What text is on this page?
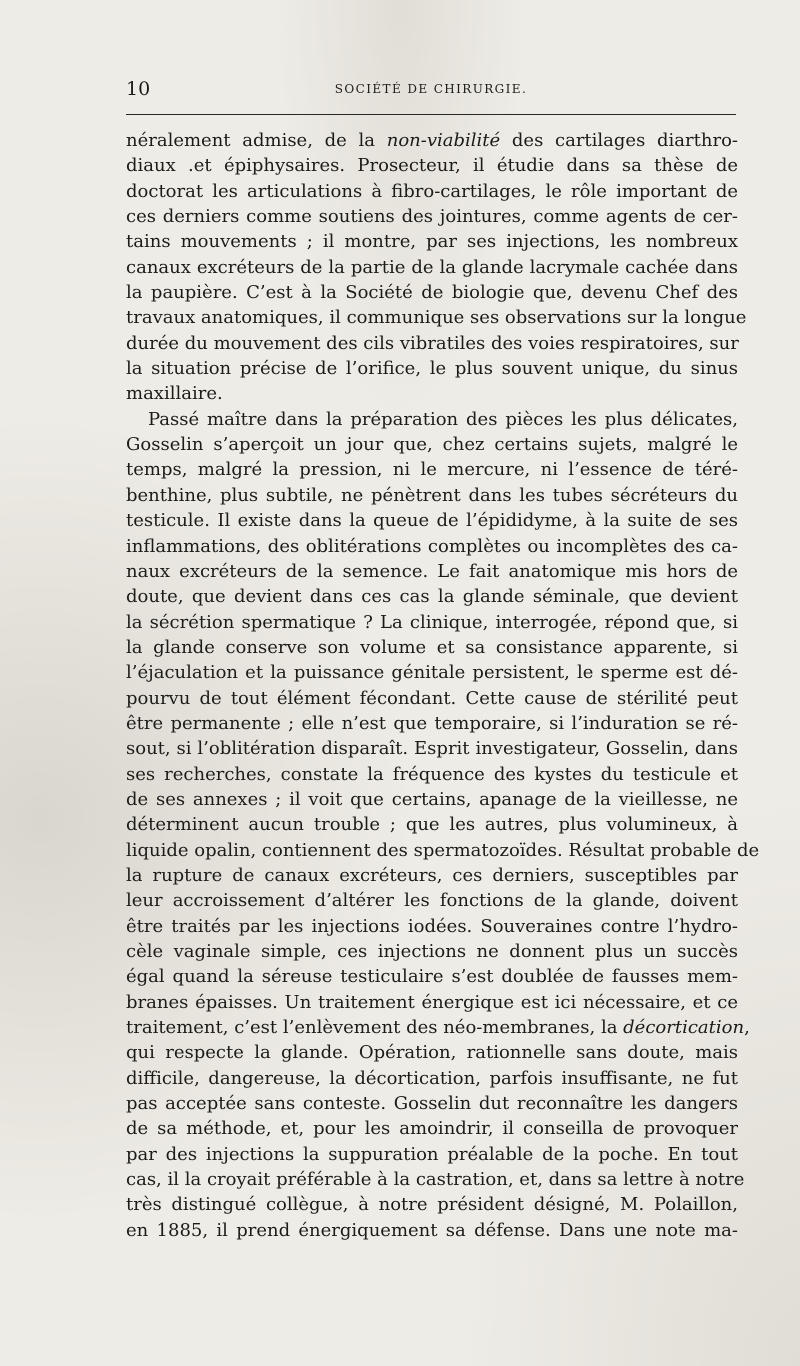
10	SOCIÉTÉ DE CHIRURGIE.
néralement admise, de la non-viabilité des cartilages diarthro-
diaux .et épiphysaires. Prosecteur, il étudie dans sa thèse de
doctorat les articulations à fibro-cartilages, le rôle important de
ces derniers comme soutiens des jointures, comme agents de cer-
tains mouvements ; il montre, par ses injections, les nombreux
canaux excréteurs de la partie de la glande lacrymale cachée dans
la paupière. C’est à la Société de biologie que, devenu Chef des
travaux anatomiques, il communique ses observations sur la longue
durée du mouvement des cils vibratiles des voies respiratoires, sur
la situation précise de l’orifice, le plus souvent unique, du sinus
maxillaire.
Passé maître dans la préparation des pièces les plus délicates,
Gosselin s’aperçoit un jour que, chez certains sujets, malgré le
temps, malgré la pression, ni le mercure, ni l’essence de téré-
benthine, plus subtile, ne pénètrent dans les tubes sécréteurs du
testicule. Il existe dans la queue de l’épididyme, à la suite de ses
inflammations, des oblitérations complètes ou incomplètes des ca-
naux excréteurs de la semence. Le fait anatomique mis hors de
doute, que devient dans ces cas la glande séminale, que devient
la sécrétion spermatique ? La clinique, interrogée, répond que, si
la glande conserve son volume et sa consistance apparente, si
l’éjaculation et la puissance génitale persistent, le sperme est dé-
pourvu de tout élément fécondant. Cette cause de stérilité peut
être permanente ; elle n’est que temporaire, si l’induration se ré-
sout, si l’oblitération disparaît. Esprit investigateur, Gosselin, dans
ses recherches, constate la fréquence des kystes du testicule et
de ses annexes ; il voit que certains, apanage de la vieillesse, ne
déterminent aucun trouble ; que les autres, plus volumineux, à
liquide opalin, contiennent des spermatozoïdes. Résultat probable de
la rupture de canaux excréteurs, ces derniers, susceptibles par
leur accroissement d’altérer les fonctions de la glande, doivent
être traités par les injections iodées. Souveraines contre l’hydro-
cèle vaginale simple, ces injections ne donnent plus un succès
égal quand la séreuse testiculaire s’est doublée de fausses mem-
branes épaisses. Un traitement énergique est ici nécessaire, et ce
traitement, c’est l’enlèvement des néo-membranes, la décortication,
qui respecte la glande. Opération, rationnelle sans doute, mais
difficile, dangereuse, la décortication, parfois insuffisante, ne fut
pas acceptée sans conteste. Gosselin dut reconnaître les dangers
de sa méthode, et, pour les amoindrir, il conseilla de provoquer
par des injections la suppuration préalable de la poche. En tout
cas, il la croyait préférable à la castration, et, dans sa lettre à notre
très distingué collègue, à notre président désigné, M. Polaillon,
en 1885, il prend énergiquement sa défense. Dans une note ma-
